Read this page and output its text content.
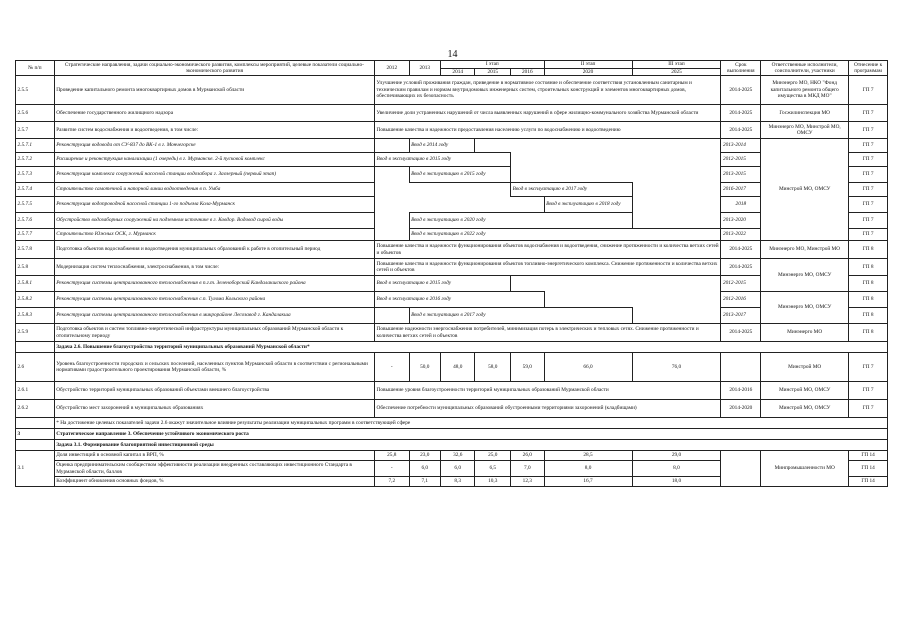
14
№ п/п	Стратегические направления, задачи социально-экономического развития, комплексы мероприятий, целевые показатели социально-экономического развития	2012	2013	I этап			II этап	III этап	Срок выполнения	Ответственные исполнители, соисполнители, участники	Отнесение к программам
				2014	2015	2016	2020	2025			
2.5.5	Проведение капитального ремонта многоквартирных домов в Мурманской области	Улучшение условий проживания граждан, приведение в нормативное состояние и обеспечение соответствия установленным санитарным и техническим правилам и нормам внутридомовых инженерных систем, строительных конструкций и элементов многоквартирных домов, обеспечивающих их безопасность							2014-2025	Минэнерго МО, НКО "Фонд капитального ремонта общего имущества в МКД МО"	ГП 7
2.5.6	Обеспечение государственного жилищного надзора	Увеличение доли устраненных нарушений от числа выявленных нарушений в сфере жилищно-коммунального хозяйства Мурманской области							2014-2025	Госжилинспекция МО	ГП 7
2.5.7	Развитие систем водоснабжения и водоотведения, в том числе:	Повышение качества и надежности предоставления населению услуги по водоснабжению и водоотведению							2014-2025	Минэнерго МО, Минстрой МО, ОМСУ	ГП 7
2.5.7.1	Реконструкция водовода от СУ-837 до ВК-1 в г. Мончегорске		Ввод в 2014 году						2013-2014	Минстрой МО, ОМСУ	ГП 7
2.5.7.2	Расширение и реконструкция канализации (1 очередь) в г. Мурманске. 2-й пусковой комплекс	Ввод в эксплуатацию в 2015 году							2012-2015		ГП 7
2.5.7.3	Реконструкция комплекса сооружений насосной станции водозабора г. Заозерный (первый этап)		Ввод в эксплуатацию в 2015 году						2013-2015		ГП 7
2.5.7.4	Строительство самотечной и напорной линии водоотведения в п. Умба					Ввод в эксплуатацию в 2017 году			2016-2017		ГП 7
2.5.7.5	Реконструкция водопроводной насосной станции 1-го подъема Кола-Мурманск						Ввод в эксплуатацию в 2018 году		2018		ГП 7
2.5.7.6	Обустройство водозаборных сооружений на подземном источнике в г. Ковдор. Водовод сырой воды		Ввод в эксплуатацию в 2020 году						2013-2020		ГП 7
2.5.7.7	Строительство Южных ОСК, г. Мурманск		Ввод в эксплуатацию в 2022 году						2013-2022		ГП 7
2.5.7.8	Подготовка объектов водоснабжения и водоотведения муниципальных образований к работе в отопительный период	Повышение качества и надежности функционирования объектов водоснабжения и водоотведения, снижение протяженности и количества ветхих сетей и объектов							2014-2025	Минэнерго МО, Минстрой МО	ГП 8
2.5.8	Модернизация систем теплоснабжения, электроснабжения, в том числе:	Повышение качества и надежности функционирования объектов топливно-энергетического комплекса. Снижение протяженности и количества ветхих сетей и объектов							2014-2025	Минэнерго МО, ОМСУ	ГП 8
2.5.8.1	Реконструкция системы централизованного теплоснабжения в п.г.т. Зеленоборский Кандалакшского района	Ввод в эксплуатацию в 2015 году							2012-2015		ГП 8
2.5.8.2	Реконструкция системы централизованного теплоснабжения с.п. Тулома Кольского района	Ввод в эксплуатацию в 2016 году							2012-2016	Минэнерго МО, ОМСУ	ГП 8
2.5.8.3	Реконструкция системы централизованного теплоснабжения в микрорайоне Лесозавод г. Кандалакша		Ввод в эксплуатацию в 2017 году						2013-2017		ГП 8
2.5.9	Подготовка объектов и систем топливно-энергетической инфраструктуры муниципальных образований Мурманской области к отопительному периоду	Повышение надежности энергоснабжения потребителей, минимизация потерь в электрических и тепловых сетях. Снижение протяженности и количества ветхих сетей и объектов							2014-2025	Минэнерго МО	ГП 8
	Задача 2.6. Повышение благоустройства территорий муниципальных образований Мурманской области*										
2.6	Уровень благоустроенности городских и сельских поселений, населенных пунктов Мурманской области в соответствии с региональными нормативами градостроительного проектирования Мурманской области, %	-	50,0	48,0	58,0	59,0	66,0	76,0		Минстрой МО	ГП 7
2.6.1	Обустройство территорий муниципальных образований объектами внешнего благоустройства	Повышение уровня благоустроенности территорий муниципальных образований Мурманской области							2014-2016	Минстрой МО, ОМСУ	ГП 7
2.6.2	Обустройство мест захоронений в муниципальных образованиях	Обеспечение потребности муниципальных образований обустроенными территориями захоронений (кладбищами)							2014-2020	Минстрой МО, ОМСУ	ГП 7
	* На достижение целевых показателей задачи 2.6 окажут значительное влияние результаты реализации муниципальных программ в соответствующей сфере										
3	Стратегическое направление 3. Обеспечение устойчивого экономического роста										
	Задача 3.1. Формирование благоприятной инвестиционной среды										
3.1	Доля инвестиций в основной капитал в ВРП, %	25,8	23,0	32,6	25,0	26,0	28,5	29,0		Минпромышленности МО	ГП 14
	Оценка предпринимательским сообществом эффективности реализации внедренных составляющих инвестиционного Стандарта в Мурманской области, баллов	-	6,0	6,0	6,5	7,0	8,0	8,0			ГП 14
	Коэффициент обновления основных фондов, %	7,2	7,1	8,3	10,3	12,3	16,7	18,0			ГП 14
